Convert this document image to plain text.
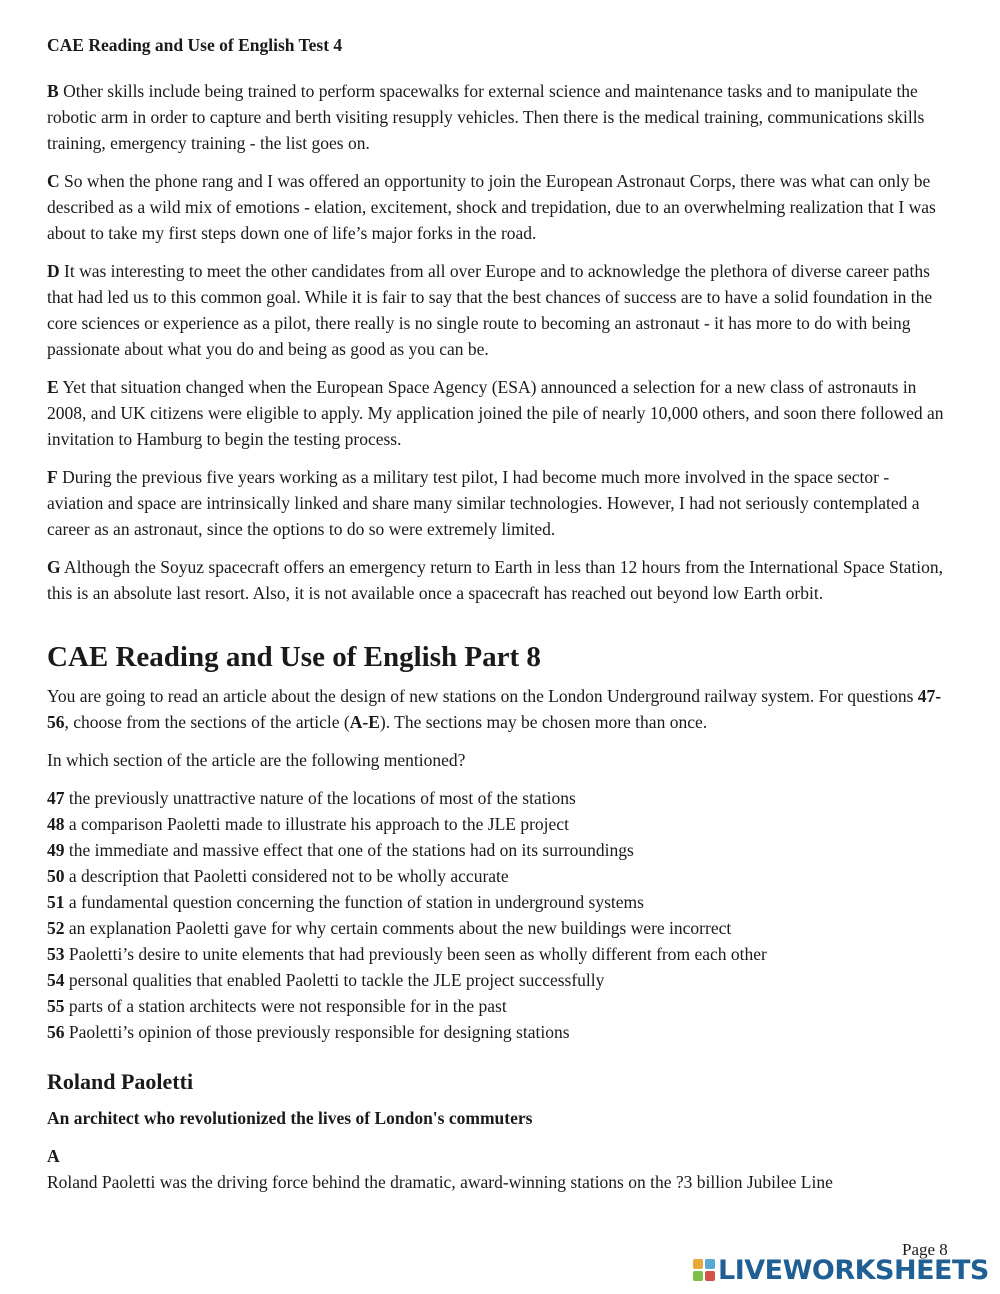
CAE Reading and Use of English Test 4

B Other skills include being trained to perform spacewalks for external science and maintenance tasks and to manipulate the robotic arm in order to capture and berth visiting resupply vehicles. Then there is the medical training, communications skills training, emergency training - the list goes on.

C So when the phone rang and I was offered an opportunity to join the European Astronaut Corps, there was what can only be described as a wild mix of emotions - elation, excitement, shock and trepidation, due to an overwhelming realization that I was about to take my first steps down one of life’s major forks in the road.

D It was interesting to meet the other candidates from all over Europe and to acknowledge the plethora of diverse career paths that had led us to this common goal. While it is fair to say that the best chances of success are to have a solid foundation in the core sciences or experience as a pilot, there really is no single route to becoming an astronaut - it has more to do with being passionate about what you do and being as good as you can be.

E Yet that situation changed when the European Space Agency (ESA) announced a selection for a new class of astronauts in 2008, and UK citizens were eligible to apply. My application joined the pile of nearly 10,000 others, and soon there followed an invitation to Hamburg to begin the testing process.

F During the previous five years working as a military test pilot, I had become much more involved in the space sector - aviation and space are intrinsically linked and share many similar technologies. However, I had not seriously contemplated a career as an astronaut, since the options to do so were extremely limited.

G Although the Soyuz spacecraft offers an emergency return to Earth in less than 12 hours from the International Space Station, this is an absolute last resort. Also, it is not available once a spacecraft has reached out beyond low Earth orbit.

CAE Reading and Use of English Part 8

You are going to read an article about the design of new stations on the London Underground railway system. For questions 47-56, choose from the sections of the article (A-E). The sections may be chosen more than once.

In which section of the article are the following mentioned?

47 the previously unattractive nature of the locations of most of the stations
48 a comparison Paoletti made to illustrate his approach to the JLE project
49 the immediate and massive effect that one of the stations had on its surroundings
50 a description that Paoletti considered not to be wholly accurate
51 a fundamental question concerning the function of station in underground systems
52 an explanation Paoletti gave for why certain comments about the new buildings were incorrect
53 Paoletti’s desire to unite elements that had previously been seen as wholly different from each other
54 personal qualities that enabled Paoletti to tackle the JLE project successfully
55 parts of a station architects were not responsible for in the past
56 Paoletti’s opinion of those previously responsible for designing stations
Roland Paoletti
An architect who revolutionized the lives of London's commuters
A

Roland Paoletti was the driving force behind the dramatic, award-winning stations on the ?3 billion Jubilee Line

Page 8
LIVEWORKSHEETS
